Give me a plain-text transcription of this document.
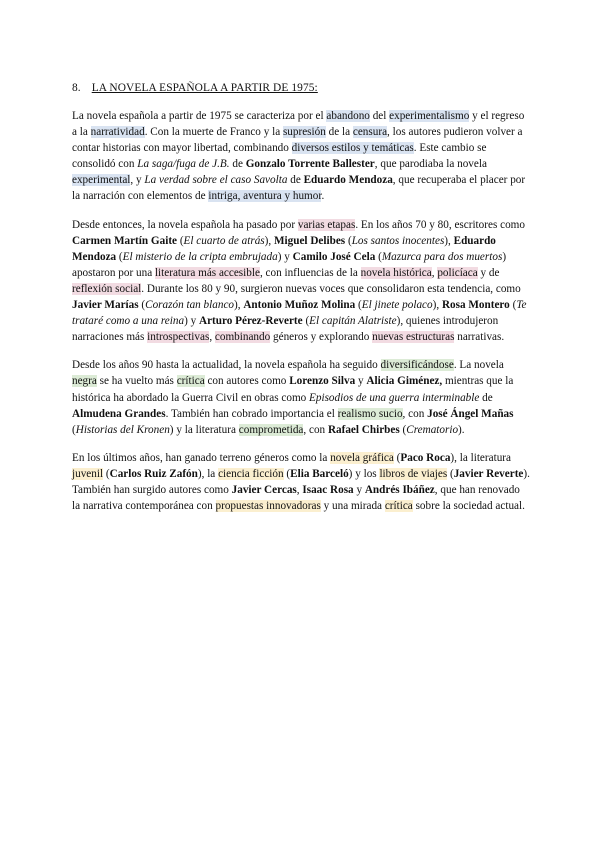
8. LA NOVELA ESPAÑOLA A PARTIR DE 1975:

La novela española a partir de 1975 se caracteriza por el abandono del experimentalismo y el regreso a la narratividad. Con la muerte de Franco y la supresión de la censura, los autores pudieron volver a contar historias con mayor libertad, combinando diversos estilos y temáticas. Este cambio se consolidó con La saga/fuga de J.B. de Gonzalo Torrente Ballester, que parodiaba la novela experimental, y La verdad sobre el caso Savolta de Eduardo Mendoza, que recuperaba el placer por la narración con elementos de intriga, aventura y humor.

Desde entonces, la novela española ha pasado por varias etapas. En los años 70 y 80, escritores como Carmen Martín Gaite (El cuarto de atrás), Miguel Delibes (Los santos inocentes), Eduardo Mendoza (El misterio de la cripta embrujada) y Camilo José Cela (Mazurca para dos muertos) apostaron por una literatura más accesible, con influencias de la novela histórica, policíaca y de reflexión social. Durante los 80 y 90, surgieron nuevas voces que consolidaron esta tendencia, como Javier Marías (Corazón tan blanco), Antonio Muñoz Molina (El jinete polaco), Rosa Montero (Te trataré como a una reina) y Arturo Pérez-Reverte (El capitán Alatriste), quienes introdujeron narraciones más introspectivas, combinando géneros y explorando nuevas estructuras narrativas.

Desde los años 90 hasta la actualidad, la novela española ha seguido diversificándose. La novela negra se ha vuelto más crítica con autores como Lorenzo Silva y Alicia Giménez, mientras que la histórica ha abordado la Guerra Civil en obras como Episodios de una guerra interminable de Almudena Grandes. También han cobrado importancia el realismo sucio, con José Ángel Mañas (Historias del Kronen) y la literatura comprometida, con Rafael Chirbes (Crematorio).

En los últimos años, han ganado terreno géneros como la novela gráfica (Paco Roca), la literatura juvenil (Carlos Ruiz Zafón), la ciencia ficción (Elia Barceló) y los libros de viajes (Javier Reverte). También han surgido autores como Javier Cercas, Isaac Rosa y Andrés Ibáñez, que han renovado la narrativa contemporánea con propuestas innovadoras y una mirada crítica sobre la sociedad actual.
